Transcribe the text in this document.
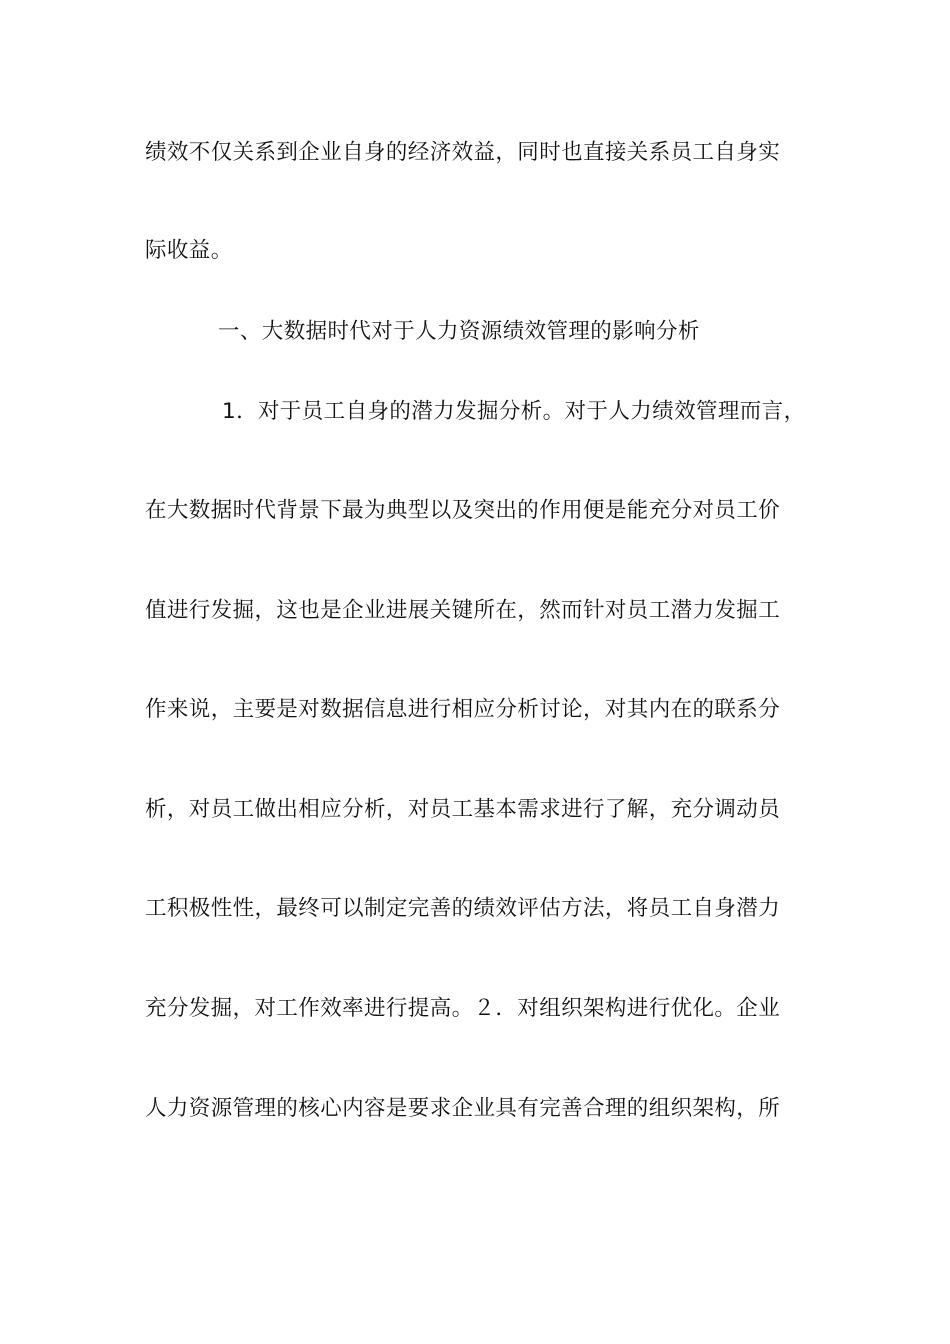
绩效不仅关系到企业自身的经济效益，同时也直接关系员工自身实
际收益。
一、大数据时代对于人力资源绩效管理的影响分析
1．对于员工自身的潜力发掘分析。对于人力绩效管理而言，
在大数据时代背景下最为典型以及突出的作用便是能充分对员工价
值进行发掘，这也是企业进展关键所在，然而针对员工潜力发掘工
作来说，主要是对数据信息进行相应分析讨论，对其内在的联系分
析，对员工做出相应分析，对员工基本需求进行了解，充分调动员
工积极性性，最终可以制定完善的绩效评估方法，将员工自身潜力
充分发掘，对工作效率进行提高。２．对组织架构进行优化。企业
人力资源管理的核心内容是要求企业具有完善合理的组织架构，所
